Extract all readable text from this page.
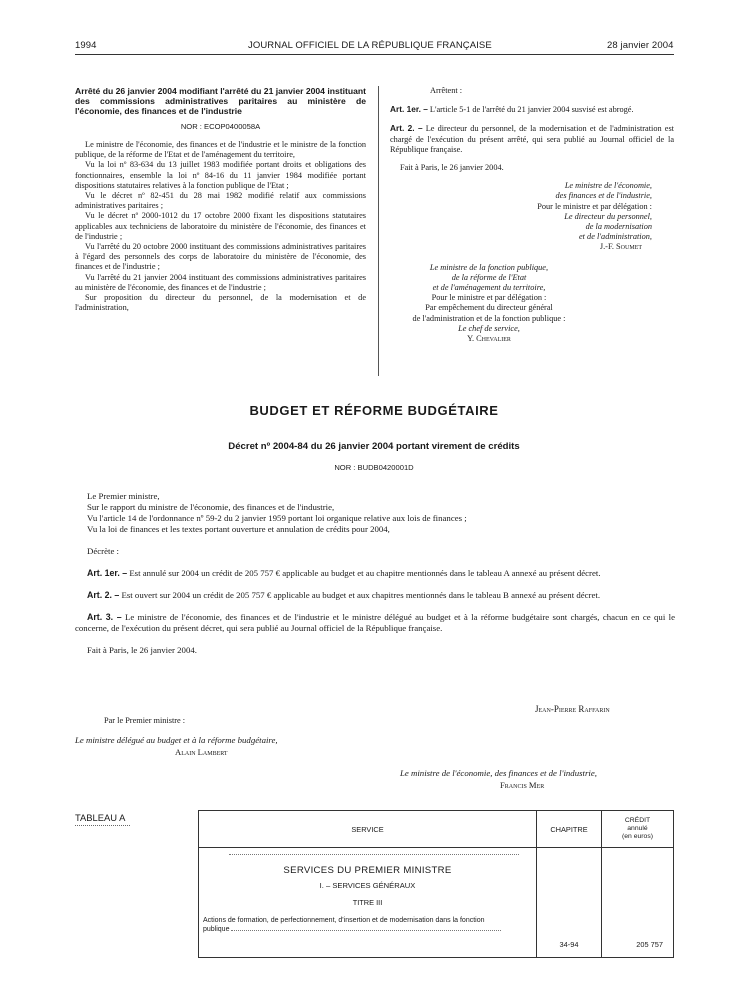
1994	JOURNAL OFFICIEL DE LA RÉPUBLIQUE FRANÇAISE	28 janvier 2004
Arrêté du 26 janvier 2004 modifiant l'arrêté du 21 janvier 2004 instituant des commissions administratives paritaires au ministère de l'économie, des finances et de l'industrie
NOR : ECOP0400058A

Le ministre de l'économie, des finances et de l'industrie et le ministre de la fonction publique, de la réforme de l'Etat et de l'aménagement du territoire,

Vu la loi nº 83-634 du 13 juillet 1983 modifiée portant droits et obligations des fonctionnaires, ensemble la loi nº 84-16 du 11 janvier 1984 modifiée portant dispositions statutaires relatives à la fonction publique de l'Etat ;

Vu le décret nº 82-451 du 28 mai 1982 modifié relatif aux commissions administratives paritaires ;

Vu le décret nº 2000-1012 du 17 octobre 2000 fixant les dispositions statutaires applicables aux techniciens de laboratoire du ministère de l'économie, des finances et de l'industrie ;

Vu l'arrêté du 20 octobre 2000 instituant des commissions administratives paritaires à l'égard des personnels des corps de laboratoire du ministère de l'économie, des finances et de l'industrie ;

Vu l'arrêté du 21 janvier 2004 instituant des commissions administratives paritaires au ministère de l'économie, des finances et de l'industrie ;

Sur proposition du directeur du personnel, de la modernisation et de l'administration,

Arrêtent :
Art. 1er. – L'article 5-1 de l'arrêté du 21 janvier 2004 susvisé est abrogé.
Art. 2. – Le directeur du personnel, de la modernisation et de l'administration est chargé de l'exécution du présent arrêté, qui sera publié au Journal officiel de la République française.
Fait à Paris, le 26 janvier 2004.
Le ministre de l'économie,
des finances et de l'industrie,
Pour le ministre et par délégation :
Le directeur du personnel,
de la modernisation
et de l'administration,
J.-F. Soumet
Le ministre de la fonction publique,
de la réforme de l'Etat
et de l'aménagement du territoire,
Pour le ministre et par délégation :
Par empêchement du directeur général
de l'administration et de la fonction publique :
Le chef de service,
Y. Chevalier
BUDGET ET RÉFORME BUDGÉTAIRE
Décret nº 2004-84 du 26 janvier 2004 portant virement de crédits
NOR : BUDB0420001D

Le Premier ministre,

Sur le rapport du ministre de l'économie, des finances et de l'industrie,

Vu l'article 14 de l'ordonnance nº 59-2 du 2 janvier 1959 portant loi organique relative aux lois de finances ;

Vu la loi de finances et les textes portant ouverture et annulation de crédits pour 2004,

Décrète :

Art. 1er. – Est annulé sur 2004 un crédit de 205 757 € applicable au budget et au chapitre mentionnés dans le tableau A annexé au présent décret.

Art. 2. – Est ouvert sur 2004 un crédit de 205 757 € applicable au budget et aux chapitres mentionnés dans le tableau B annexé au présent décret.

Art. 3. – Le ministre de l'économie, des finances et de l'industrie et le ministre délégué au budget et à la réforme budgétaire sont chargés, chacun en ce qui le concerne, de l'exécution du présent décret, qui sera publié au Journal officiel de la République française.

Fait à Paris, le 26 janvier 2004.

Jean-Pierre Raffarin
Par le Premier ministre :
Le ministre délégué au budget et à la réforme budgétaire,
Alain Lambert
Le ministre de l'économie, des finances et de l'industrie,
Francis Mer
TABLEAU A
SERVICE	CHAPITRE	CRÉDIT
annulé
(en euros)

SERVICES DU PREMIER MINISTRE
I. – SERVICES GÉNÉRAUX
TITRE III
Actions de formation, de perfectionnement, d'insertion et de modernisation dans la fonction
publique	34-94	205 757
